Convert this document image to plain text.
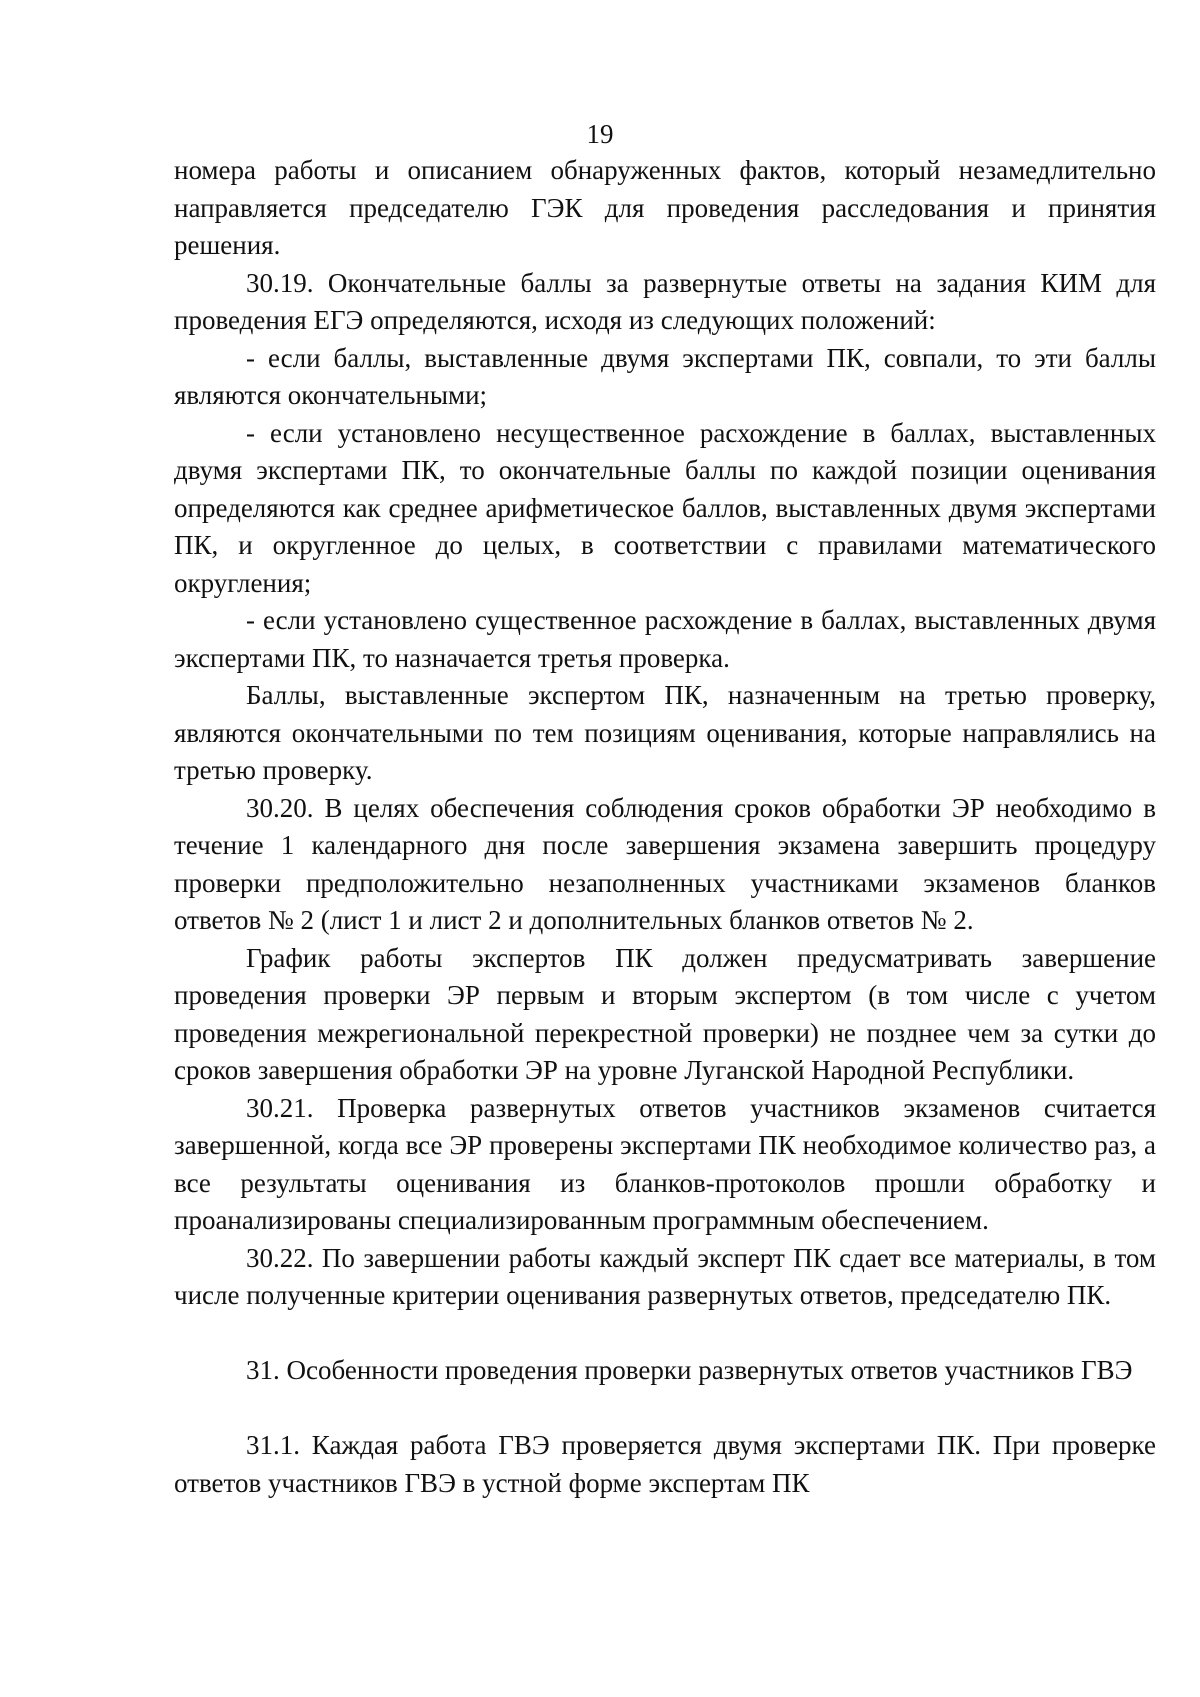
19

номера работы и описанием обнаруженных фактов, который незамедлительно направляется председателю ГЭК для проведения расследования и принятия решения.

30.19. Окончательные баллы за развернутые ответы на задания КИМ для проведения ЕГЭ определяются, исходя из следующих положений:

- если баллы, выставленные двумя экспертами ПК, совпали, то эти баллы являются окончательными;

- если установлено несущественное расхождение в баллах, выставленных двумя экспертами ПК, то окончательные баллы по каждой позиции оценивания определяются как среднее арифметическое баллов, выставленных двумя экспертами ПК, и округленное до целых, в соответствии с правилами математического округления;

- если установлено существенное расхождение в баллах, выставленных двумя экспертами ПК, то назначается третья проверка.

Баллы, выставленные экспертом ПК, назначенным на третью проверку, являются окончательными по тем позициям оценивания, которые направлялись на третью проверку.

30.20. В целях обеспечения соблюдения сроков обработки ЭР необходимо в течение 1 календарного дня после завершения экзамена завершить процедуру проверки предположительно незаполненных участниками экзаменов бланков ответов № 2 (лист 1 и лист 2 и дополнительных бланков ответов № 2.

График работы экспертов ПК должен предусматривать завершение проведения проверки ЭР первым и вторым экспертом (в том числе с учетом проведения межрегиональной перекрестной проверки) не позднее чем за сутки до сроков завершения обработки ЭР на уровне Луганской Народной Республики.

30.21. Проверка развернутых ответов участников экзаменов считается завершенной, когда все ЭР проверены экспертами ПК необходимое количество раз, а все результаты оценивания из бланков-протоколов прошли обработку и проанализированы специализированным программным обеспечением.

30.22. По завершении работы каждый эксперт ПК сдает все материалы, в том числе полученные критерии оценивания развернутых ответов, председателю ПК.

31. Особенности проведения проверки развернутых ответов участников ГВЭ

31.1. Каждая работа ГВЭ проверяется двумя экспертами ПК. При проверке ответов участников ГВЭ в устной форме экспертам ПК
